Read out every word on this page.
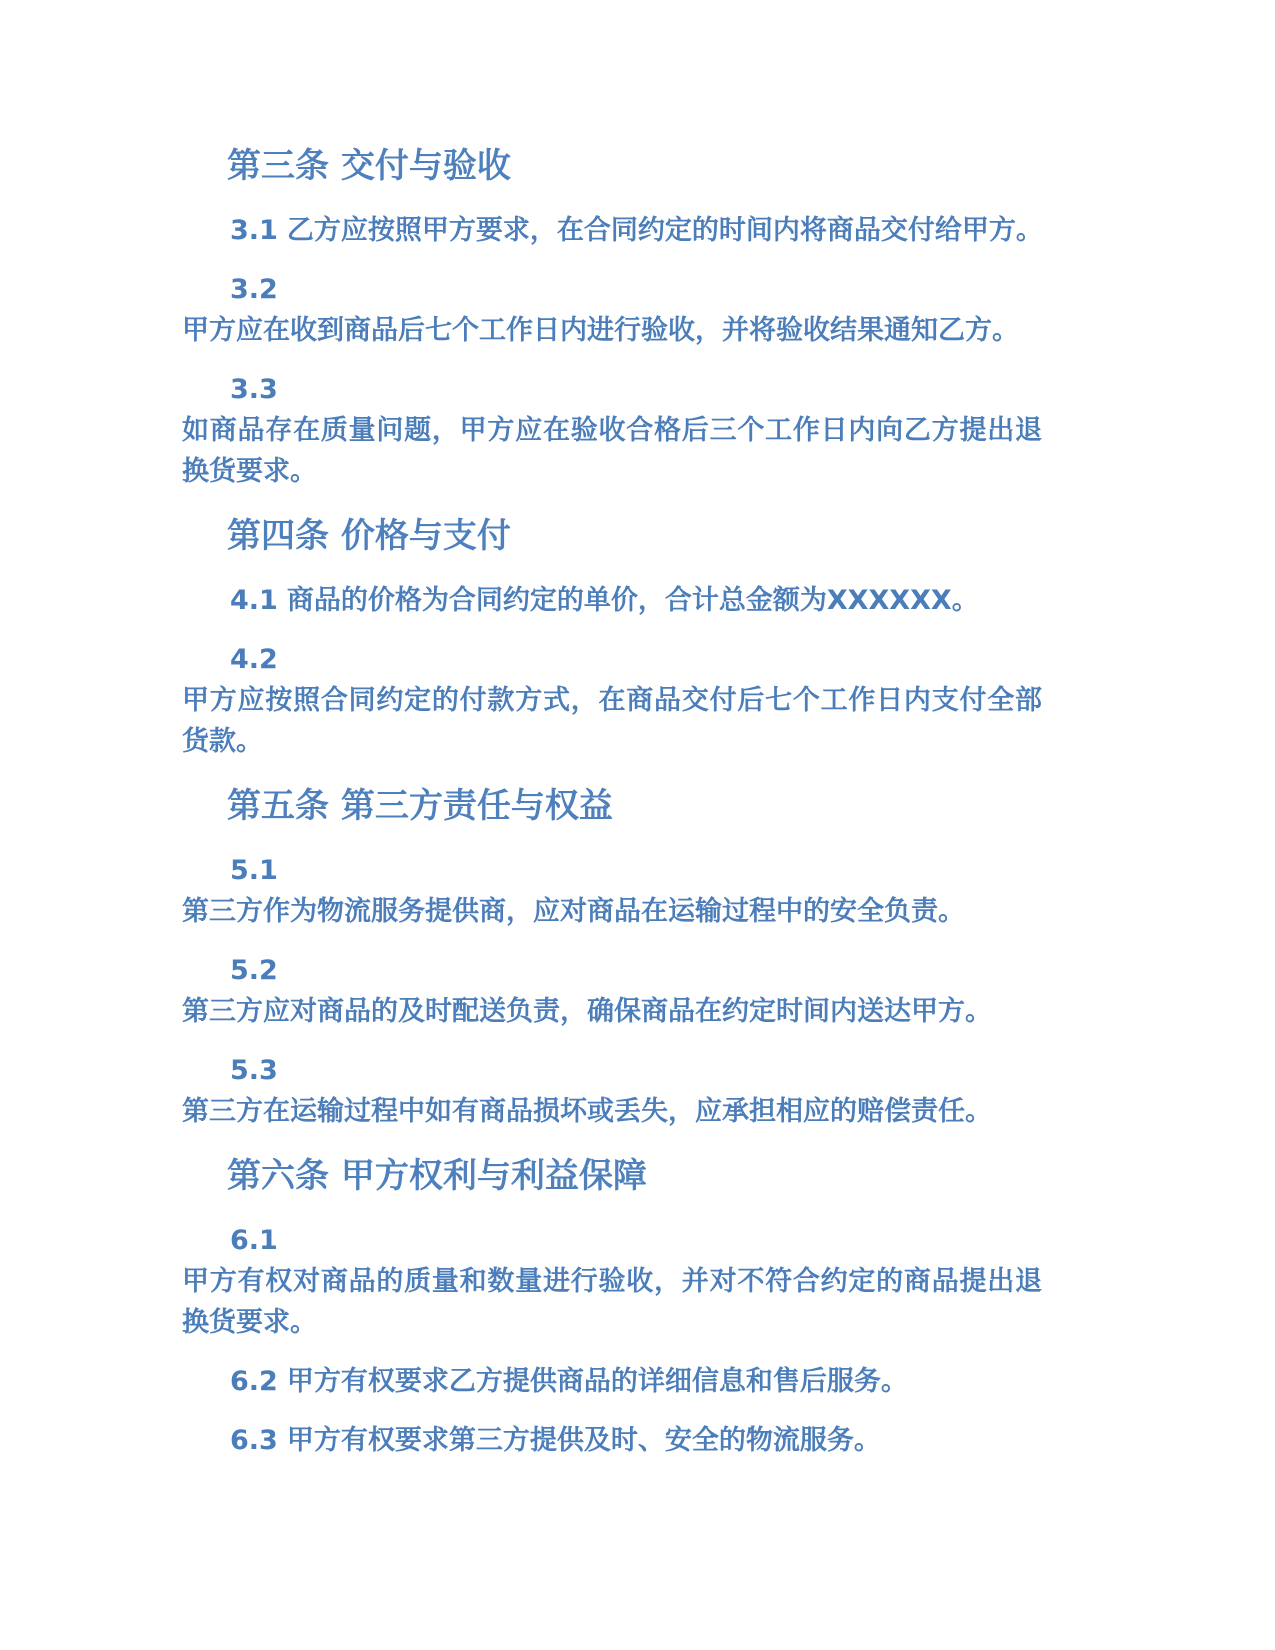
第三条 交付与验收

3.1 乙方应按照甲方要求，在合同约定的时间内将商品交付给甲方。

3.2
甲方应在收到商品后七个工作日内进行验收，并将验收结果通知乙方。
3.3
如商品存在质量问题，甲方应在验收合格后三个工作日内向乙方提出退换货要求。
第四条 价格与支付

4.1 商品的价格为合同约定的单价，合计总金额为XXXXXX。

4.2
甲方应按照合同约定的付款方式，在商品交付后七个工作日内支付全部货款。
第五条 第三方责任与权益
5.1
第三方作为物流服务提供商，应对商品在运输过程中的安全负责。
5.2
第三方应对商品的及时配送负责，确保商品在约定时间内送达甲方。
5.3
第三方在运输过程中如有商品损坏或丢失，应承担相应的赔偿责任。
第六条 甲方权利与利益保障
6.1
甲方有权对商品的质量和数量进行验收，并对不符合约定的商品提出退换货要求。

6.2 甲方有权要求乙方提供商品的详细信息和售后服务。

6.3 甲方有权要求第三方提供及时、安全的物流服务。
